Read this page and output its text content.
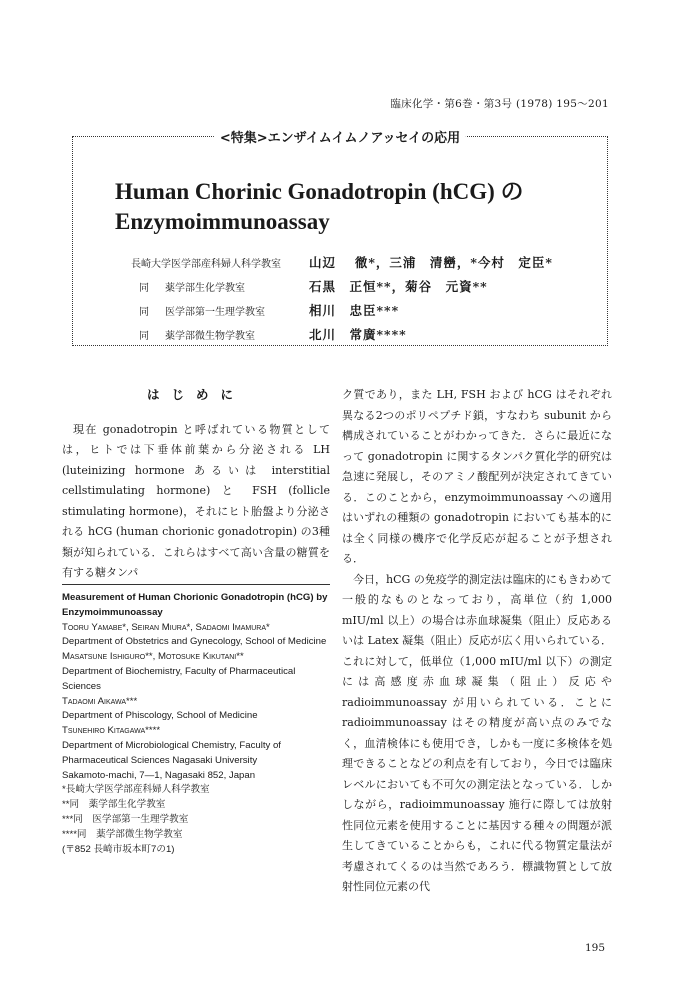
臨床化学・第6巻・第3号 (1978) 195〜201
<特集>エンザイムイムノアッセイの応用
Human Chorinic Gonadotropin (hCG) の
Enzymoimmunoassay
長崎大学医学部産科婦人科学教室	山辺　 徹*，三浦　清巒，*今村　定臣*
同 薬学部生化学教室	石黒　正恒**，菊谷　元資**
同 医学部第一生理学教室	相川　忠臣***
同 薬学部微生物学教室	北川　常廣****
はじめに

現在 gonadotropin と呼ばれている物質としては，ヒトでは下垂体前葉から分泌される LH (luteinizing hormone あるいは interstitial cellstimulating hormone) と FSH (follicle stimulating hormone)，それにヒト胎盤より分泌される hCG (human chorionic gonadotropin) の3種類が知られている．これらはすべて高い含量の糖質を有する糖タンパ

Measurement of Human Chorionic Gonadotropin (hCG) by Enzymoimmunoassay
Tooru Yamabe*, Seiran Miura*, Sadaomi Imamura*
Department of Obstetrics and Gynecology, School of Medicine
Masatsune Ishiguro**, Motosuke Kikutani**
Department of Biochemistry, Faculty of Pharmaceutical Sciences
Tadaomi Aikawa***
Department of Phiscology, School of Medicine
Tsunehiro Kitagawa****
Department of Microbiological Chemistry, Faculty of Pharmaceutical Sciences Nagasaki University
Sakamoto-machi, 7—1, Nagasaki 852, Japan
*長崎大学医学部産科婦人科学教室
**同　薬学部生化学教室
***同　医学部第一生理学教室
****同　薬学部微生物学教室
(〒852 長崎市坂本町7の1)

ク質であり，また LH, FSH および hCG はそれぞれ異なる2つのポリペプチド鎖，すなわち subunit から構成されていることがわかってきた．さらに最近になって gonadotropin に関するタンパク質化学的研究は急速に発展し，そのアミノ酸配列が決定されてきている．このことから，enzymoimmunoassay への適用はいずれの種類の gonadotropin においても基本的には全く同様の機序で化学反応が起ることが予想される．

今日，hCG の免疫学的測定法は臨床的にもきわめて一般的なものとなっており，高単位（約 1,000 mIU/ml 以上）の場合は赤血球凝集（阻止）反応あるいは Latex 凝集（阻止）反応が広く用いられている．これに対して，低単位（1,000 mIU/ml 以下）の測定には高感度赤血球凝集（阻止）反応や radioimmunoassay が用いられている．ことに radioimmunoassay はその精度が高い点のみでなく，血清検体にも使用でき，しかも一度に多検体を処理できることなどの利点を有しており，今日では臨床レベルにおいても不可欠の測定法となっている．しかしながら，radioimmunoassay 施行に際しては放射性同位元素を使用することに基因する種々の問題が派生してきていることからも，これに代る物質定量法が考慮されてくるのは当然であろう．標識物質として放射性同位元素の代

195
